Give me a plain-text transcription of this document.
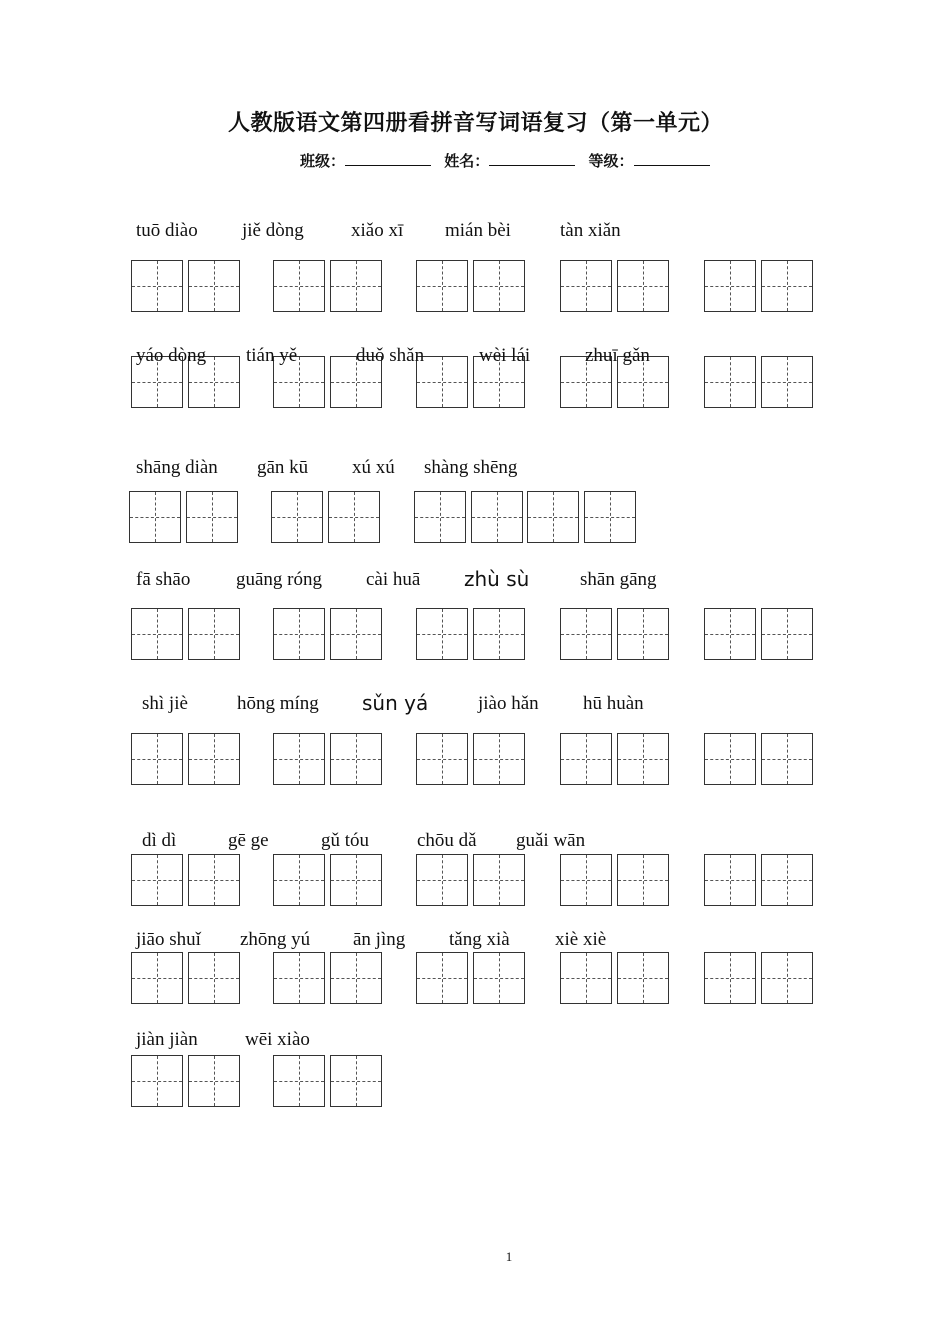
人教版语文第四册看拼音写词语复习（第一单元）
班级：	姓名：	等级：
tuō diào jiě dòng xiǎo xī mián bèi	tàn xiǎn
yáo dòng tián yě	duǒ shǎn	wèi lái	zhuī gǎn
shāng diàn gān kū xú xú shàng shēng
fā shāo guāng róng cài huā zhù sù	shān gāng
shì jiè	hōng míng sǔn yá	jiào hǎn hū huàn
dì dì	gē ge	gǔ tóu	chōu dǎ guǎi wān
jiāo shuǐ zhōng yú ān jìng tǎng xià xiè xiè
jiàn jiàn wēi xiào
1
